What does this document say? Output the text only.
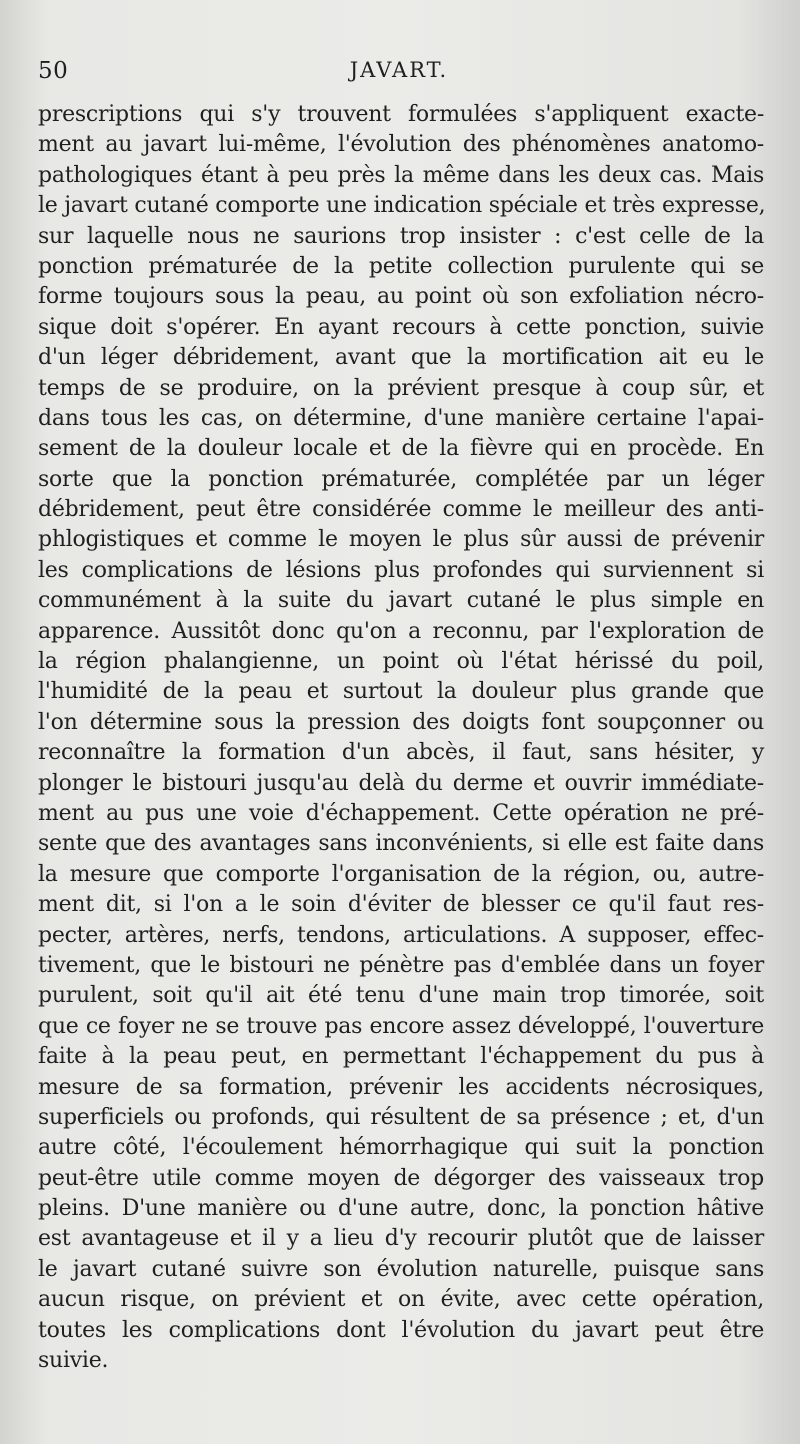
50	JAVART.
prescriptions qui s'y trouvent formulées s'appliquent exacte-
ment au javart lui-même, l'évolution des phénomènes anatomo-
pathologiques étant à peu près la même dans les deux cas. Mais
le javart cutané comporte une indication spéciale et très expresse,
sur laquelle nous ne saurions trop insister : c'est celle de la
ponction prématurée de la petite collection purulente qui se
forme toujours sous la peau, au point où son exfoliation nécro-
sique doit s'opérer. En ayant recours à cette ponction, suivie
d'un léger débridement, avant que la mortification ait eu le
temps de se produire, on la prévient presque à coup sûr, et
dans tous les cas, on détermine, d'une manière certaine l'apai-
sement de la douleur locale et de la fièvre qui en procède. En
sorte que la ponction prématurée, complétée par un léger
débridement, peut être considérée comme le meilleur des anti-
phlogistiques et comme le moyen le plus sûr aussi de prévenir
les complications de lésions plus profondes qui surviennent si
communément à la suite du javart cutané le plus simple en
apparence. Aussitôt donc qu'on a reconnu, par l'exploration de
la région phalangienne, un point où l'état hérissé du poil,
l'humidité de la peau et surtout la douleur plus grande que
l'on détermine sous la pression des doigts font soupçonner ou
reconnaître la formation d'un abcès, il faut, sans hésiter, y
plonger le bistouri jusqu'au delà du derme et ouvrir immédiate-
ment au pus une voie d'échappement. Cette opération ne pré-
sente que des avantages sans inconvénients, si elle est faite dans
la mesure que comporte l'organisation de la région, ou, autre-
ment dit, si l'on a le soin d'éviter de blesser ce qu'il faut res-
pecter, artères, nerfs, tendons, articulations. A supposer, effec-
tivement, que le bistouri ne pénètre pas d'emblée dans un foyer
purulent, soit qu'il ait été tenu d'une main trop timorée, soit
que ce foyer ne se trouve pas encore assez développé, l'ouverture
faite à la peau peut, en permettant l'échappement du pus à
mesure de sa formation, prévenir les accidents nécrosiques,
superficiels ou profonds, qui résultent de sa présence ; et, d'un
autre côté, l'écoulement hémorrhagique qui suit la ponction
peut-être utile comme moyen de dégorger des vaisseaux trop
pleins. D'une manière ou d'une autre, donc, la ponction hâtive
est avantageuse et il y a lieu d'y recourir plutôt que de laisser
le javart cutané suivre son évolution naturelle, puisque sans
aucun risque, on prévient et on évite, avec cette opération,
toutes les complications dont l'évolution du javart peut être
suivie.
